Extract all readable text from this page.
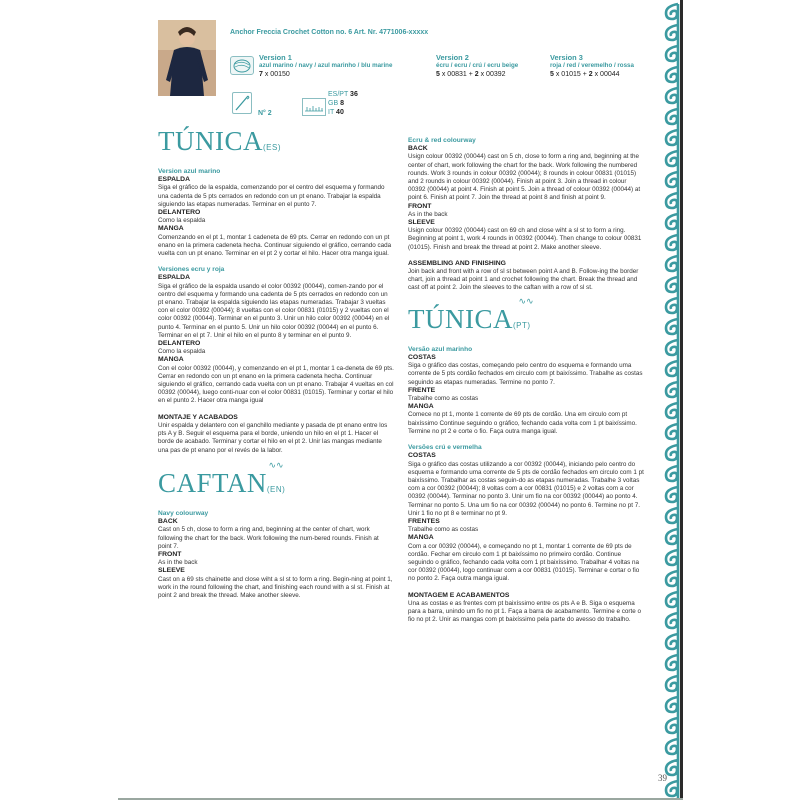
Anchor Freccia Crochet Cotton no. 6 Art. Nr. 4771006-xxxxx
Version 1
azul marino / navy / azul marinho / blu marine
7 x 00150
Version 2
écru / ecru / crú / ecru beige
5 x 00831 + 2 x 00392
Version 3
roja / red / veremelho / rossa
5 x 01015 + 2 x 00044
N° 2
ES/PT 36
GB 8
IT 40
TÚNICA(ES)
Version azul marino
ESPALDA

Siga el gráfico de la espalda, comenzando por el centro del esquema y formando una cadenta de 5 pts cerrados en redondo con un pt enano. Trabajar la espalda siguiendo las etapas numeradas. Terminar en el punto 7.

DELANTERO

Como la espalda

MANGA

Comenzando en el pt 1, montar 1 cadeneta de 69 pts. Cerrar en redondo con un pt enano en la primera cadeneta hecha. Continuar siguiendo el gráfico, cerrando cada vuelta con un pt enano. Terminar en el pt 2 y cortar el hilo. Hacer otra manga igual.

Versiones ecru y roja
ESPALDA

Siga el gráfico de la espalda usando el color 00392 (00044), comen-zando por el centro del esquema y formando una cadenta de 5 pts cerrados en redondo con un pt enano. Trabajar la espalda siguiendo las etapas numeradas. Trabajar 3 vueltas con el color 00392 (00044); 8 vueltas con el color 00831 (01015) y 2 vueltas con el color 00392 (00044). Terminar en el punto 3. Unir un hilo color 00392 (00044) en el punto 4. Terminar en el punto 5. Unir un hilo color 00392 (00044) en el punto 6. Terminar en el pt 7. Unir el hilo en el punto 8 y terminar en el punto 9.

DELANTERO

Como la espalda

MANGA

Con el color 00392 (00044), y comenzando en el pt 1, montar 1 ca-deneta de 69 pts. Cerrar en redondo con un pt enano en la primera cadeneta hecha. Continuar siguiendo el gráfico, cerrando cada vuelta con un pt enano. Trabajar 4 vueltas en col 00392 (00044), luego conti-nuar con el color 00831 (01015). Terminar y cortar el hilo en el punto 2. Hacer otra manga igual

MONTAJE Y ACABADOS

Unir espalda y delantero con el ganchillo mediante y pasada de pt enano entre los pts A y B. Seguir el esquema para el borde, uniendo un hilo en el pt 1. Hacer el borde de acabado. Terminar y cortar el hilo en el pt 2. Unir las mangas mediante una pas de pt enano por el revés de la labor.

∿∿
CAFTAN(EN)
Navy colourway
BACK

Cast on 5 ch, close to form a ring and, beginning at the center of chart, work following the chart for the back. Work following the num-bered rounds. Finish at point 7.

FRONT

As in the back

SLEEVE

Cast on a 69 sts chainette and close wiht a sl st to form a ring. Begin-ning at point 1, work in the round following the chart, and finishing each round with a sl st. Finish at point 2 and break the thread. Make another sleeve.

Ecru & red colourway
BACK

Usign colour 00392 (00044) cast on 5 ch, close to form a ring and, beginning at the center of chart, work following the chart for the back. Work following the numbered rounds. Work 3 rounds in colour 00392 (00044); 8 rounds in colour 00831 (01015) and 2 rounds in colour 00392 (00044). Finish at point 3. Join a thread in colour 00392 (00044) at point 4. Finish at point 5. Join a thread of colour 00392 (00044) at point 6. Finish at point 7. Join the thread at point 8 and finish at point 9.

FRONT

As in the back

SLEEVE

Usign colour 00392 (00044) cast on 69 ch and close wiht a sl st to form a ring. Beginning at point 1, work 4 rounds in 00392 (00044). Then change to colour 00831 (01015). Finish and break the thread at point 2. Make another sleeve.

ASSEMBLING AND FINISHING

Join back and front with a row of sl st between point A and B. Follow-ing the border chart, join a thread at point 1 and crochet following the chart. Break the thread and cast off at point 2. Join the sleeves to the caftan with a row of sl st.

∿∿
TÚNICA(PT)
Versão azul marinho
COSTAS

Siga o gráfico das costas, começando pelo centro do esquema e formando uma corrente de 5 pts cordão fechados em circulo com pt baixíssimo. Trabalhe as costas seguindo as etapas numeradas. Termine no ponto 7.

FRENTE

Trabalhe como as costas

MANGA

Comece no pt 1, monte 1 corrente de 69 pts de cordão. Una em circulo com pt baixíssimo Continue seguindo o gráfico, fechando cada volta com 1 pt baixíssimo. Termine no pt 2 e corte o fio. Faça outra manga igual.

Versões crú e vermelha
COSTAS

Siga o gráfico das costas utilizando a cor 00392 (00044), iniciando pelo centro do esquema e formando uma corrente de 5 pts de cordão fechados em circulo com 1 pt baixíssimo. Trabalhar as costas seguin-do as etapas numeradas. Trabalhe 3 voltas com a cor 00392 (00044); 8 voltas com a cor 00831 (01015) e 2 voltas com a cor 00392 (00044). Terminar no ponto 3. Unir um fio na cor 00392 (00044) ao ponto 4. Terminar no ponto 5. Una um fio na cor 00392 (00044) no ponto 6. Termine no pt 7. Unir 1 fio no pt 8 e terminar no pt 9.

FRENTES

Trabalhe como as costas

MANGA

Com a cor 00392 (00044), e começando no pt 1, montar 1 corrente de 69 pts de cordão. Fechar em circulo com 1 pt baixíssimo no primeiro cordão. Continue seguindo o gráfico, fechando cada volta com 1 pt baixíssimo. Trabalhar 4 voltas na cor 00392 (00044), logo continuar com a cor 00831 (01015). Terminar e cortar o fio no ponto 2. Faça outra manga igual.

MONTAGEM E ACABAMENTOS

Una as costas e as frentes com pt baixíssimo entre os pts A e B. Siga o esquema para a barra, unindo um fio no pt 1. Faça a barra de acabamento. Termine e corte o fio no pt 2. Unir as mangas com pt baixíssimo pela parte do avesso do trabalho.

39
